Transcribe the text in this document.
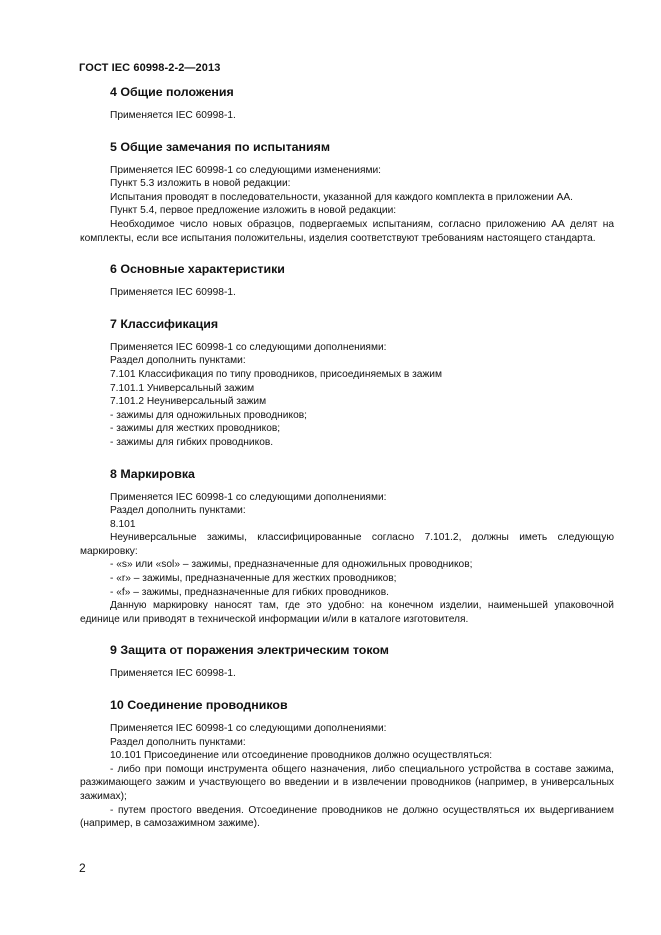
ГОСТ IEC 60998-2-2—2013
4 Общие положения
Применяется IEC 60998-1.
5 Общие замечания по испытаниям
Применяется IEC 60998-1 со следующими изменениями:
Пункт 5.3 изложить в новой редакции:
Испытания проводят в последовательности, указанной для каждого комплекта в приложении АА.
Пункт 5.4, первое предложение изложить в новой редакции:
Необходимое число новых образцов, подвергаемых испытаниям, согласно приложению АА делят на комплекты, если все испытания положительны, изделия соответствуют требованиям настоящего стандарта.
6 Основные характеристики
Применяется IEC 60998-1.
7 Классификация
Применяется IEC 60998-1 со следующими дополнениями:
Раздел дополнить пунктами:
7.101 Классификация по типу проводников, присоединяемых в зажим
7.101.1 Универсальный зажим
7.101.2 Неуниверсальный зажим
- зажимы для одножильных проводников;
- зажимы для жестких проводников;
- зажимы для гибких проводников.
8 Маркировка
Применяется IEC 60998-1 со следующими дополнениями:
Раздел дополнить пунктами:
8.101
Неуниверсальные зажимы, классифицированные согласно 7.101.2, должны иметь следующую маркировку:
- «s» или «sol» – зажимы, предназначенные для одножильных проводников;
- «r» – зажимы, предназначенные для жестких проводников;
- «f» – зажимы, предназначенные для гибких проводников.
Данную маркировку наносят там, где это удобно: на конечном изделии, наименьшей упаковочной единице или приводят в технической информации и/или в каталоге изготовителя.
9 Защита от поражения электрическим током
Применяется IEC 60998-1.
10 Соединение проводников
Применяется IEC 60998-1 со следующими дополнениями:
Раздел дополнить пунктами:
10.101 Присоединение или отсоединение проводников должно осуществляться:
- либо при помощи инструмента общего назначения, либо специального устройства в составе зажима, разжимающего зажим и участвующего во введении и в извлечении проводников (например, в универсальных зажимах);
- путем простого введения. Отсоединение проводников не должно осуществляться их выдергиванием (например, в самозажимном зажиме).
2
